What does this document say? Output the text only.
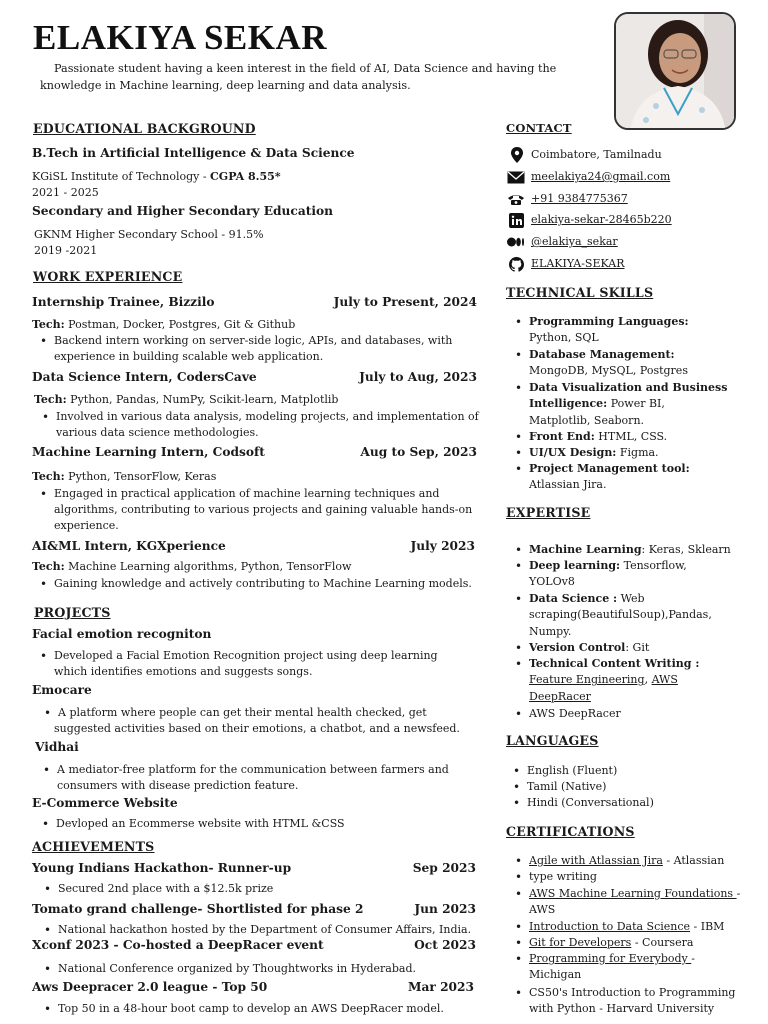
ELAKIYA SEKAR
Passionate student having a keen interest in the field of AI, Data Science and having the knowledge in Machine learning, deep learning and data analysis.
EDUCATIONAL BACKGROUND
B.Tech in Artificial Intelligence & Data Science
KGiSL Institute of Technology - CGPA 8.55*
2021 - 2025
Secondary and Higher Secondary Education
GKNM Higher Secondary School - 91.5%
2019 -2021
WORK EXPERIENCE
Internship Trainee, Bizzilo	July to Present, 2024
Tech: Postman, Docker, Postgres, Git & Github
• Backend intern working on server-side logic, APIs, and databases, with experience in building scalable web application.
Data Science Intern, CodersCave	July to Aug, 2023
Tech: Python, Pandas, NumPy, Scikit-learn, Matplotlib
• Involved in various data analysis, modeling projects, and implementation of various data science methodologies.
Machine Learning Intern, Codsoft	Aug to Sep, 2023
Tech: Python, TensorFlow, Keras
• Engaged in practical application of machine learning techniques and algorithms, contributing to various projects and gaining valuable hands-on experience.
AI&ML Intern, KGXperience	July 2023
Tech: Machine Learning algorithms, Python, TensorFlow
• Gaining knowledge and actively contributing to Machine Learning models.
PROJECTS
Facial emotion recogniton
• Developed a Facial Emotion Recognition project using deep learning which identifies emotions and suggests songs.
Emocare
• A platform where people can get their mental health checked, get suggested activities based on their emotions, a chatbot, and a newsfeed.
Vidhai
• A mediator-free platform for the communication between farmers and consumers with disease prediction feature.
E-Commerce Website
• Devloped an Ecommerse website with HTML &CSS
ACHIEVEMENTS
Young Indians Hackathon- Runner-up	Sep 2023
• Secured 2nd place with a $12.5k prize
Tomato grand challenge- Shortlisted for phase 2	Jun 2023
• National hackathon hosted by the Department of Consumer Affairs, India.
Xconf 2023 - Co-hosted a DeepRacer event	Oct 2023
• National Conference organized by Thoughtworks in Hyderabad.
Aws Deepracer 2.0 league - Top 50	Mar 2023
• Top 50 in a 48-hour boot camp to develop an AWS DeepRacer model.
CONTACT
Coimbatore, Tamilnadu
meelakiya24@gmail.com
+91 9384775367
elakiya-sekar-28465b220
@elakiya_sekar
ELAKIYA-SEKAR
TECHNICAL SKILLS
• Programming Languages:
Python, SQL
• Database Management:
MongoDB, MySQL, Postgres
• Data Visualization and Business Intelligence: Power BI, Matplotlib, Seaborn.
• Front End: HTML, CSS.
• UI/UX Design: Figma.
• Project Management tool:
Atlassian Jira.
EXPERTISE
• Machine Learning: Keras, Sklearn
• Deep learning: Tensorflow, YOLOv8
• Data Science : Web scraping(BeautifulSoup),Pandas, Numpy.
• Version Control: Git
• Technical Content Writing :
Feature Engineering, AWS DeepRacer
• AWS DeepRacer
LANGUAGES
• English (Fluent)
• Tamil (Native)
• Hindi (Conversational)
CERTIFICATIONS
• Agile with Atlassian Jira - Atlassian
• type writing
• AWS Machine Learning Foundations - AWS
• Introduction to Data Science - IBM
• Git for Developers - Coursera
• Programming for Everybody - Michigan
• CS50's Introduction to Programming with Python - Harvard University
